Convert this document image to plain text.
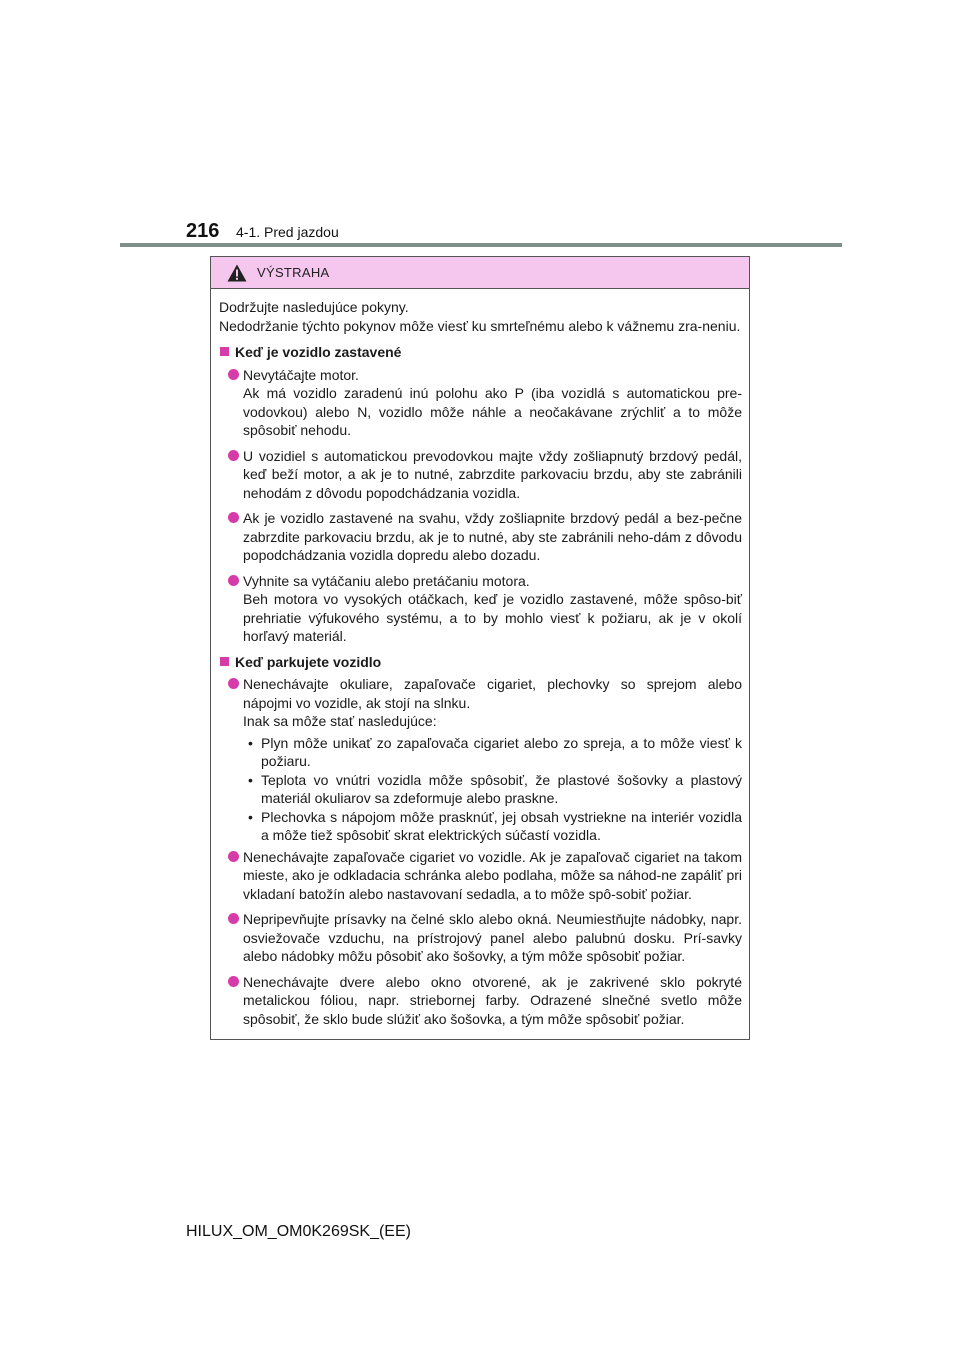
216 4-1. Pred jazdou
VÝSTRAHA

Dodržujte nasledujúce pokyny.
Nedodržanie týchto pokynov môže viesť ku smrteľnému alebo k vážnemu zra-neniu.

Keď je vozidlo zastavené
Nevytáčajte motor.
Ak má vozidlo zaradenú inú polohu ako P (iba vozidlá s automatickou pre-vodovkou) alebo N, vozidlo môže náhle a neočakávane zrýchliť a to môže spôsobiť nehodu.
U vozidiel s automatickou prevodovkou majte vždy zošliapnutý brzdový pedál, keď beží motor, a ak je to nutné, zabrzdite parkovaciu brzdu, aby ste zabránili nehodám z dôvodu popodchádzania vozidla.
Ak je vozidlo zastavené na svahu, vždy zošliapnite brzdový pedál a bez-pečne zabrzdite parkovaciu brzdu, ak je to nutné, aby ste zabránili neho-dám z dôvodu popodchádzania vozidla dopredu alebo dozadu.
Vyhnite sa vytáčaniu alebo pretáčaniu motora.
Beh motora vo vysokých otáčkach, keď je vozidlo zastavené, môže spôso-biť prehriatie výfukového systému, a to by mohlo viesť k požiaru, ak je v okolí horľavý materiál.
Keď parkujete vozidlo
Nenechávajte okuliare, zapaľovače cigariet, plechovky so sprejom alebo nápojmi vo vozidle, ak stojí na slnku.
Inak sa môže stať nasledujúce:
• Plyn môže unikať zo zapaľovača cigariet alebo zo spreja, a to môže viesť k požiaru.
• Teplota vo vnútri vozidla môže spôsobiť, že plastové šošovky a plastový materiál okuliarov sa zdeformuje alebo praskne.
• Plechovka s nápojom môže prasknúť, jej obsah vystriekne na interiér vozidla a môže tiež spôsobiť skrat elektrických súčastí vozidla.
Nenechávajte zapaľovače cigariet vo vozidle. Ak je zapaľovač cigariet na takom mieste, ako je odkladacia schránka alebo podlaha, môže sa náhod-ne zapáliť pri vkladaní batožín alebo nastavovaní sedadla, a to môže spô-sobiť požiar.
Nepripevňujte prísavky na čelné sklo alebo okná. Neumiestňujte nádobky, napr. osviežovače vzduchu, na prístrojový panel alebo palubnú dosku. Prí-savky alebo nádobky môžu pôsobiť ako šošovky, a tým môže spôsobiť požiar.
Nenechávajte dvere alebo okno otvorené, ak je zakrivené sklo pokryté metalickou fóliou, napr. striebornej farby. Odrazené slnečné svetlo môže spôsobiť, že sklo bude slúžiť ako šošovka, a tým môže spôsobiť požiar.
HILUX_OM_OM0K269SK_(EE)
